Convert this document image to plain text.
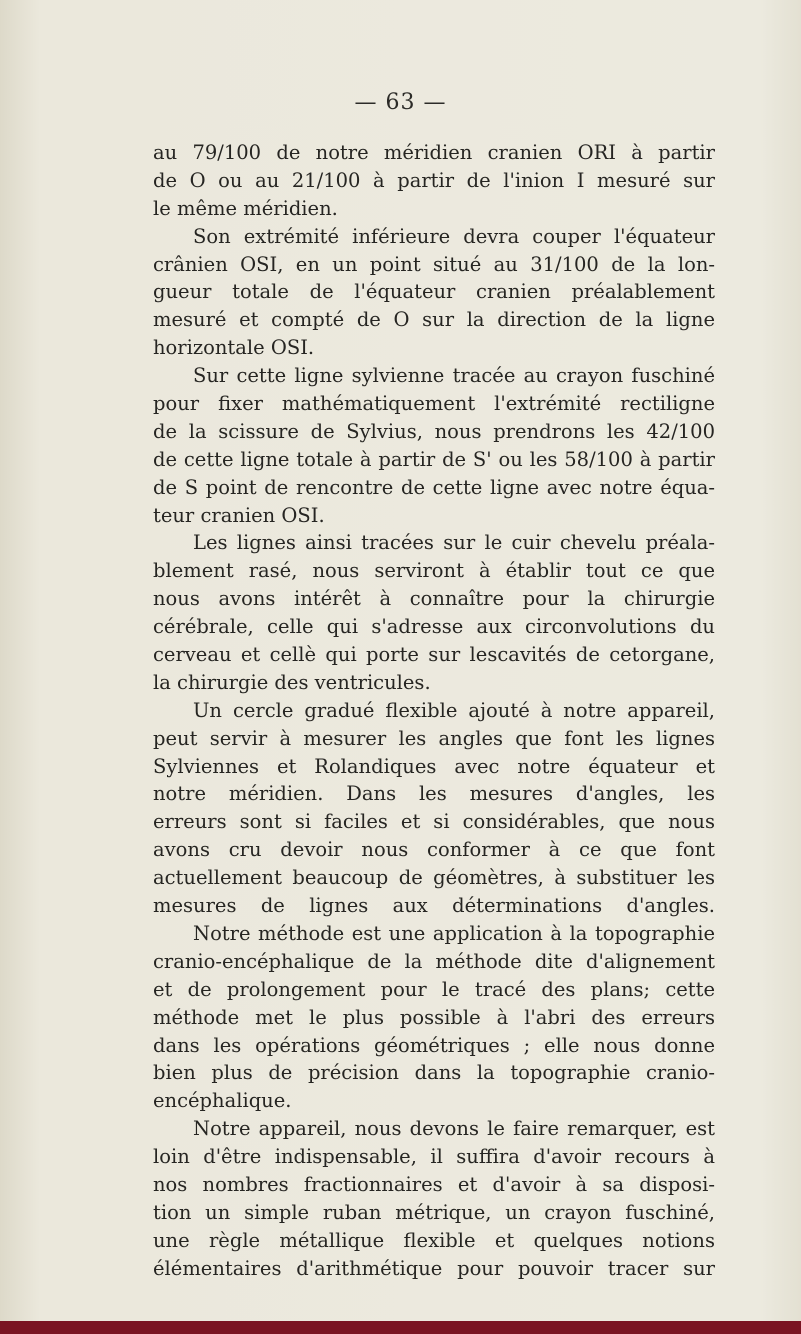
— 63 —
au 79/100 de notre méridien cranien ORI à partir
de O ou au 21/100 à partir de l'inion I mesuré sur
le même méridien.
Son extrémité inférieure devra couper l'équateur
crânien OSI, en un point situé au 31/100 de la lon-
gueur totale de l'équateur cranien préalablement
mesuré et compté de O sur la direction de la ligne
horizontale OSI.
Sur cette ligne sylvienne tracée au crayon fuschiné
pour fixer mathématiquement l'extrémité rectiligne
de la scissure de Sylvius, nous prendrons les 42/100
de cette ligne totale à partir de S' ou les 58/100 à partir
de S point de rencontre de cette ligne avec notre équa-
teur cranien OSI.
Les lignes ainsi tracées sur le cuir chevelu préala-
blement rasé, nous serviront à établir tout ce que
nous avons intérêt à connaître pour la chirurgie
cérébrale, celle qui s'adresse aux circonvolutions du
cerveau et cellè qui porte sur lescavités de cetorgane,
la chirurgie des ventricules.
Un cercle gradué flexible ajouté à notre appareil,
peut servir à mesurer les angles que font les lignes
Sylviennes et Rolandiques avec notre équateur et
notre méridien. Dans les mesures d'angles, les
erreurs sont si faciles et si considérables, que nous
avons cru devoir nous conformer à ce que font
actuellement beaucoup de géomètres, à substituer les
mesures de lignes aux déterminations d'angles.
Notre méthode est une application à la topographie
cranio-encéphalique de la méthode dite d'alignement
et de prolongement pour le tracé des plans; cette
méthode met le plus possible à l'abri des erreurs
dans les opérations géométriques ; elle nous donne
bien plus de précision dans la topographie cranio-
encéphalique.
Notre appareil, nous devons le faire remarquer, est
loin d'être indispensable, il suffira d'avoir recours à
nos nombres fractionnaires et d'avoir à sa disposi-
tion un simple ruban métrique, un crayon fuschiné,
une règle métallique flexible et quelques notions
élémentaires d'arithmétique pour pouvoir tracer sur
